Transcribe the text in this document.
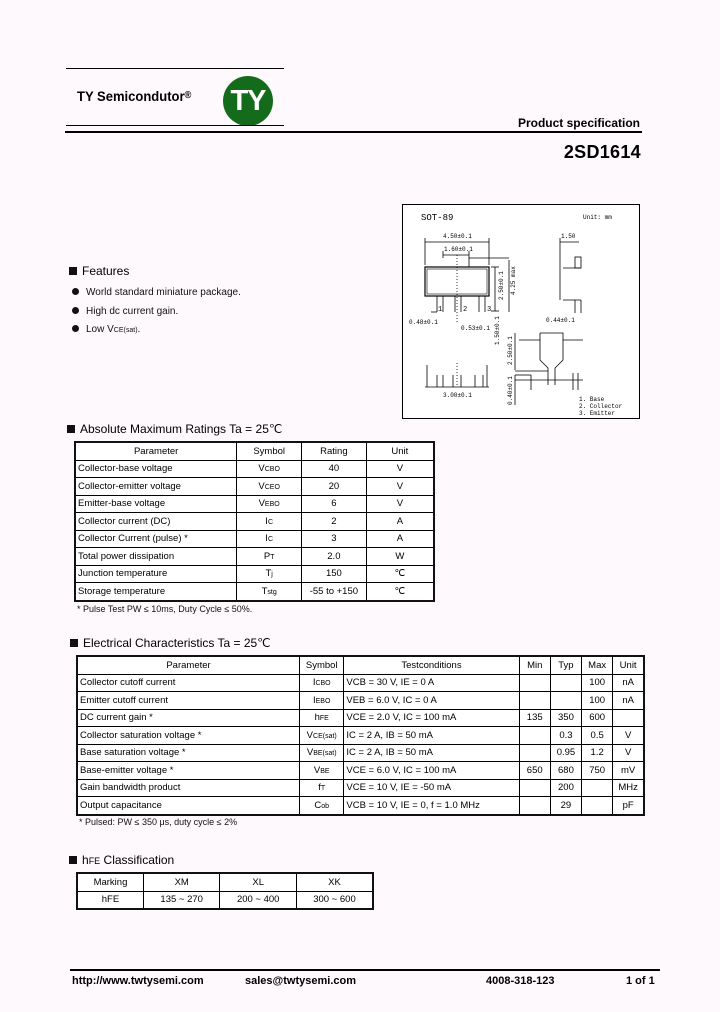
TY Semicondutor® TY
Product specification
2SD1614
SOT-89	Unit: mm
4.50±0.1
1.60±0.1
1	2	3
0.48±0.1
0.53±0.1
2.50±0.1 4.25 max
1.50±0.1
1.50
0.44±0.1
3.00±0.1
2.50±0.1
0.40±0.1	1. Base
2. Collector
3. Emitter
Features
World standard miniature package.
High dc current gain.
Low VCE(sat).
Absolute Maximum Ratings Ta = 25℃
Parameter	Symbol	Rating	Unit
Collector-base voltage	VCBO	40	V
Collector-emitter voltage	VCEO	20	V
Emitter-base voltage	VEBO	6	V
Collector current (DC)	IC	2	A
Collector Current (pulse) *	IC	3	A
Total power dissipation	PT	2.0	W
Junction temperature	Tj	150	℃
Storage temperature	Tstg	-55 to +150	℃
* Pulse Test PW ≤ 10ms, Duty Cycle ≤ 50%.
Electrical Characteristics Ta = 25℃
Parameter	Symbol	Testconditions	Min	Typ	Max	Unit
Collector cutoff current	ICBO	VCB = 30 V, IE = 0 A			100	nA
Emitter cutoff current	IEBO	VEB = 6.0 V, IC = 0 A			100	nA
DC current gain *	hFE	VCE = 2.0 V, IC = 100 mA	135	350	600	
Collector saturation voltage *	VCE(sat)	IC = 2 A, IB = 50 mA		0.3	0.5	V
Base saturation voltage *	VBE(sat)	IC = 2 A, IB = 50 mA		0.95	1.2	V
Base-emitter voltage *	VBE	VCE = 6.0 V, IC = 100 mA	650	680	750	mV
Gain bandwidth product	fT	VCE = 10 V, IE = -50 mA		200		MHz
Output capacitance	Cob	VCB = 10 V, IE = 0, f = 1.0 MHz		29		pF
* Pulsed: PW ≤ 350 μs, duty cycle ≤ 2%
hFE Classification
Marking	XM	XL	XK
hFE	135 ~ 270	200 ~ 400	300 ~ 600
http://www.twtysemi.com	sales@twtysemi.com	4008-318-123	1 of 1
